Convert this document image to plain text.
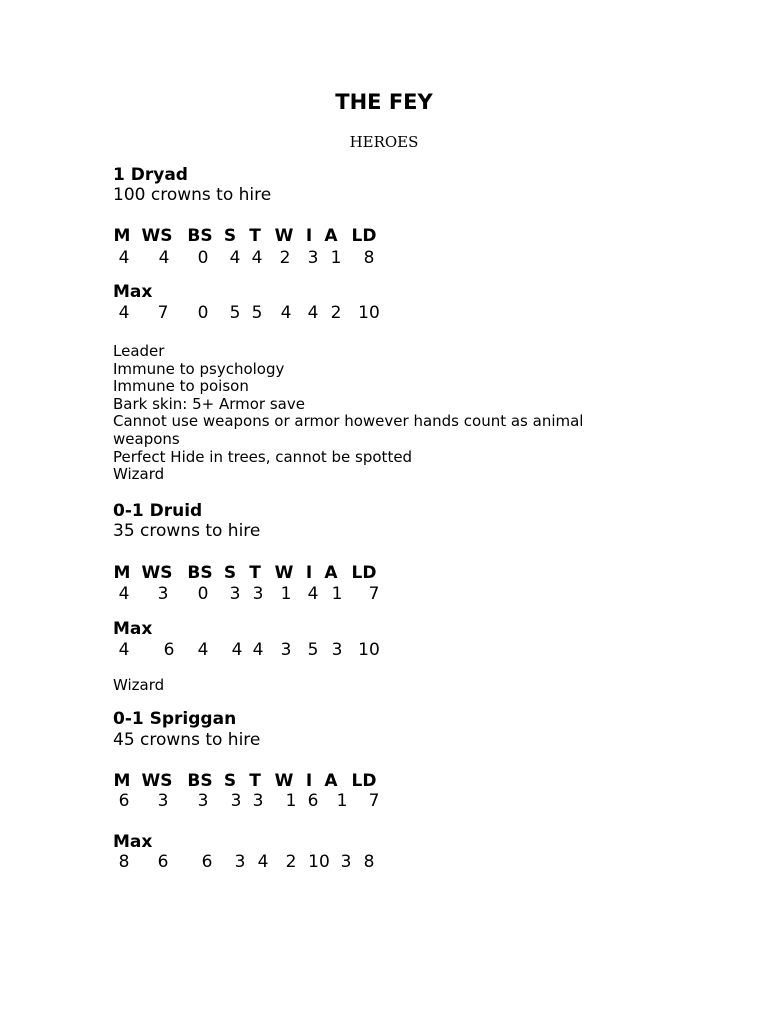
THE FEY
HEROES
1 Dryad
100 crowns to hire
M WS BS S T W I A LD
4 4 0 4 4 2 3 1 8
Max
4 7 0 5 5 4 4 2 10
Leader
Immune to psychology
Immune to poison
Bark skin: 5+ Armor save
Cannot use weapons or armor however hands count as animal
weapons
Perfect Hide in trees, cannot be spotted
Wizard
0-1 Druid
35 crowns to hire
M WS BS S T W I A LD
4 3 0 3 3 1 4 1 7
Max
4 6 4 4 4 3 5 3 10
Wizard
0-1 Spriggan
45 crowns to hire
M WS BS S T W I A LD
6 3 3 3 3 1 6 1 7
Max
8 6 6 3 4 2 10 3 8
